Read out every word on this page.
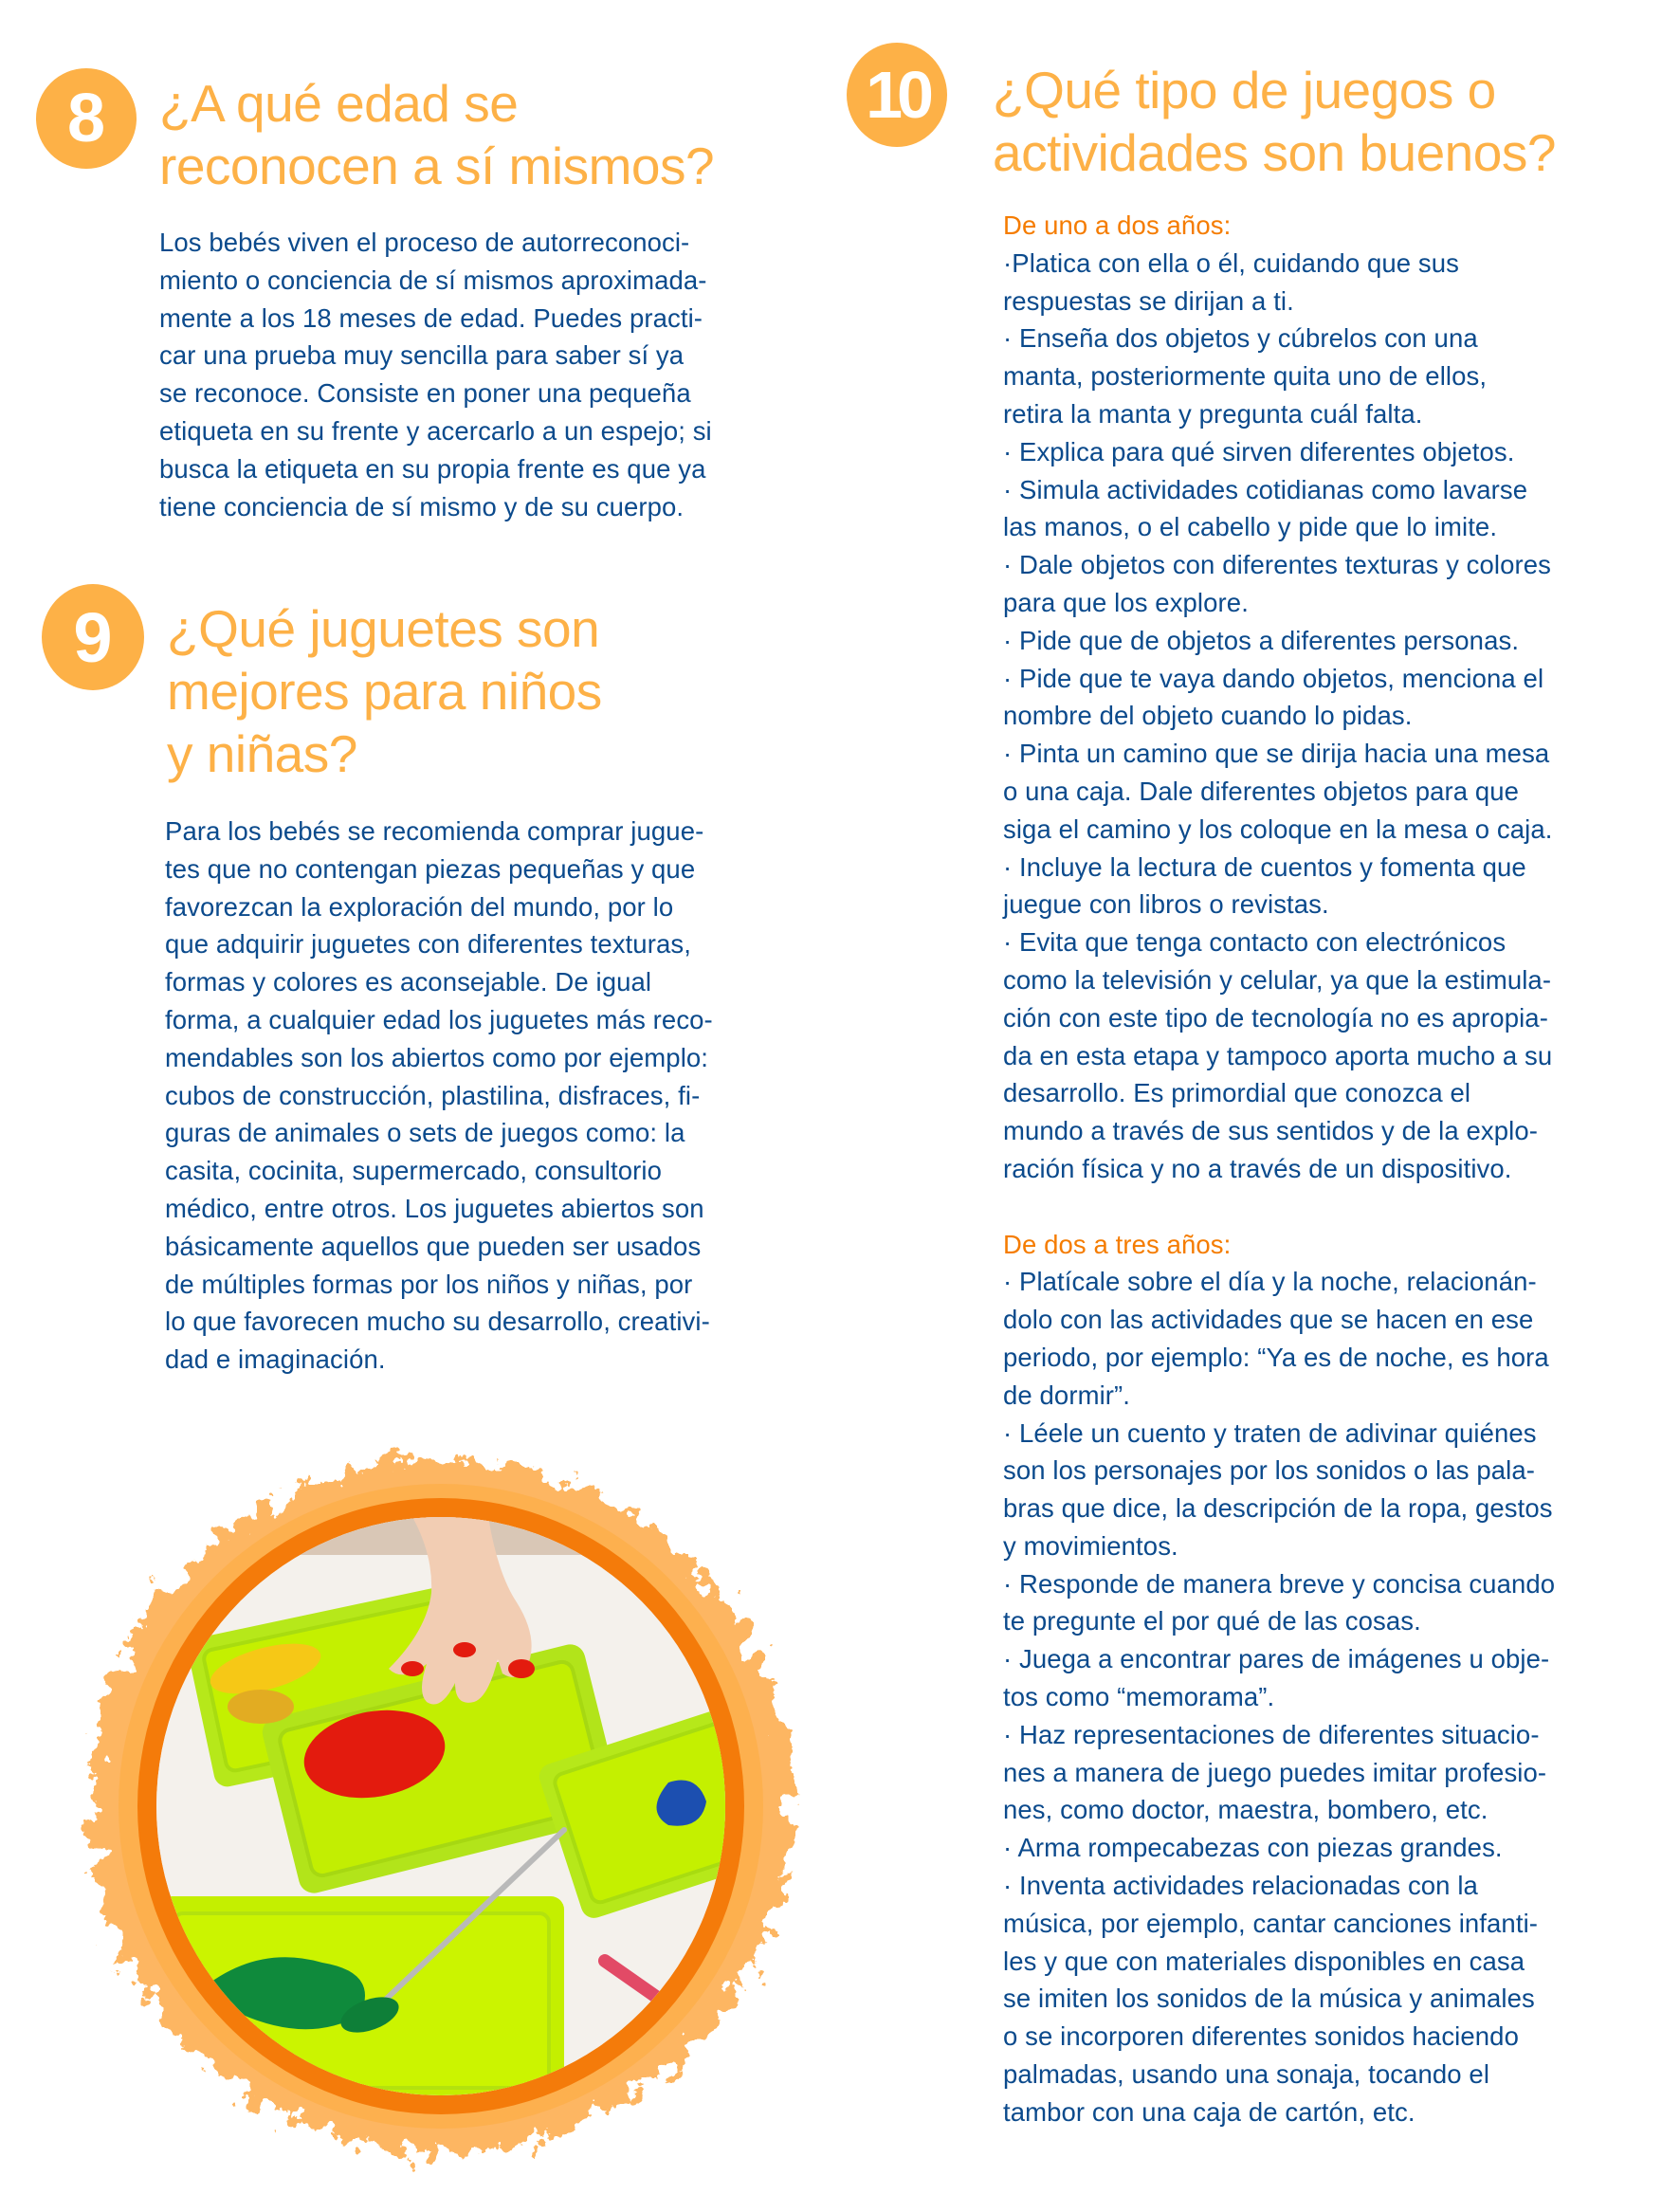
8 ¿A qué edad se
reconocen a sí mismos?
Los bebés viven el proceso de autorreconoci-
miento o conciencia de sí mismos aproximada-
mente a los 18 meses de edad. Puedes practi-
car una prueba muy sencilla para saber sí ya
se reconoce. Consiste en poner una pequeña
etiqueta en su frente y acercarlo a un espejo; si
busca la etiqueta en su propia frente es que ya
tiene conciencia de sí mismo y de su cuerpo.
9 ¿Qué juguetes son
mejores para niños
y niñas?
Para los bebés se recomienda comprar jugue-
tes que no contengan piezas pequeñas y que
favorezcan la exploración del mundo, por lo
que adquirir juguetes con diferentes texturas,
formas y colores es aconsejable. De igual
forma, a cualquier edad los juguetes más reco-
mendables son los abiertos como por ejemplo:
cubos de construcción, plastilina, disfraces, fi-
guras de animales o sets de juegos como: la
casita, cocinita, supermercado, consultorio
médico, entre otros. Los juguetes abiertos son
básicamente aquellos que pueden ser usados
de múltiples formas por los niños y niñas, por
lo que favorecen mucho su desarrollo, creativi-
dad e imaginación.
10 ¿Qué tipo de juegos o
actividades son buenos?
De uno a dos años:
·Platica con ella o él, cuidando que sus
respuestas se dirijan a ti.
· Enseña dos objetos y cúbrelos con una
manta, posteriormente quita uno de ellos,
retira la manta y pregunta cuál falta.
· Explica para qué sirven diferentes objetos.
· Simula actividades cotidianas como lavarse
las manos, o el cabello y pide que lo imite.
· Dale objetos con diferentes texturas y colores
para que los explore.
· Pide que de objetos a diferentes personas.
· Pide que te vaya dando objetos, menciona el
nombre del objeto cuando lo pidas.
· Pinta un camino que se dirija hacia una mesa
o una caja. Dale diferentes objetos para que
siga el camino y los coloque en la mesa o caja.
· Incluye la lectura de cuentos y fomenta que
juegue con libros o revistas.
· Evita que tenga contacto con electrónicos
como la televisión y celular, ya que la estimula-
ción con este tipo de tecnología no es apropia-
da en esta etapa y tampoco aporta mucho a su
desarrollo. Es primordial que conozca el
mundo a través de sus sentidos y de la explo-
ración física y no a través de un dispositivo.
De dos a tres años:
· Platícale sobre el día y la noche, relacionán-
dolo con las actividades que se hacen en ese
periodo, por ejemplo: “Ya es de noche, es hora
de dormir”.
· Léele un cuento y traten de adivinar quiénes
son los personajes por los sonidos o las pala-
bras que dice, la descripción de la ropa, gestos
y movimientos.
· Responde de manera breve y concisa cuando
te pregunte el por qué de las cosas.
· Juega a encontrar pares de imágenes u obje-
tos como “memorama”.
· Haz representaciones de diferentes situacio-
nes a manera de juego puedes imitar profesio-
nes, como doctor, maestra, bombero, etc.
· Arma rompecabezas con piezas grandes.
· Inventa actividades relacionadas con la
música, por ejemplo, cantar canciones infanti-
les y que con materiales disponibles en casa
se imiten los sonidos de la música y animales
o se incorporen diferentes sonidos haciendo
palmadas, usando una sonaja, tocando el
tambor con una caja de cartón, etc.
